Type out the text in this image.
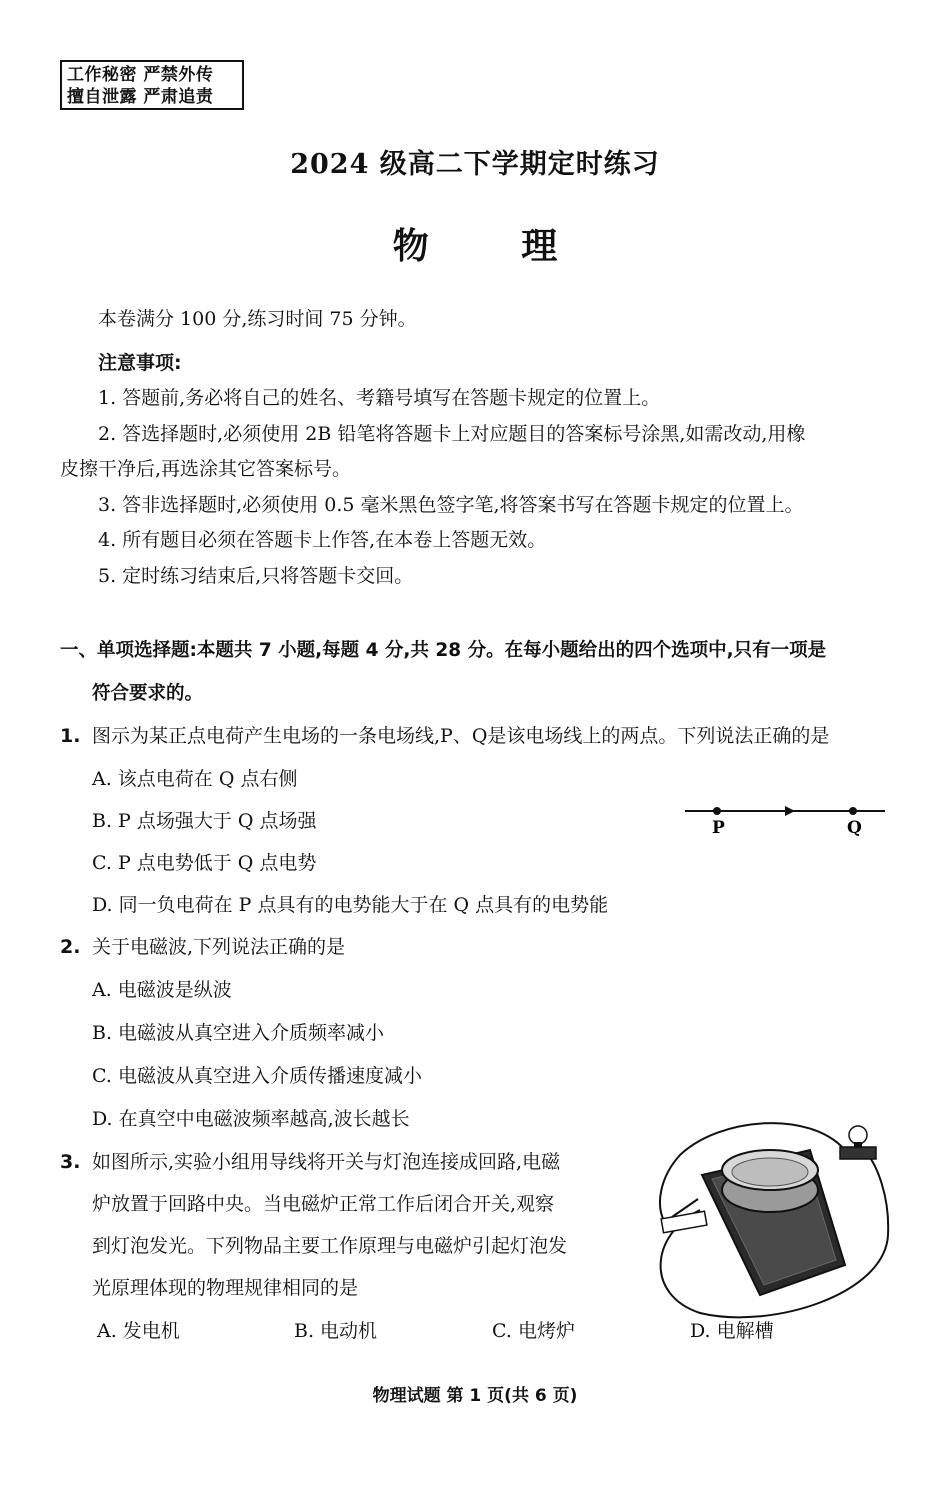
工作秘密 严禁外传
擅自泄露 严肃追责
2024 级高二下学期定时练习
物 理
本卷满分 100 分,练习时间 75 分钟。
注意事项:
1. 答题前,务必将自己的姓名、考籍号填写在答题卡规定的位置上。
2. 答选择题时,必须使用 2B 铅笔将答题卡上对应题目的答案标号涂黑,如需改动,用橡
皮擦干净后,再选涂其它答案标号。
3. 答非选择题时,必须使用 0.5 毫米黑色签字笔,将答案书写在答题卡规定的位置上。
4. 所有题目必须在答题卡上作答,在本卷上答题无效。
5. 定时练习结束后,只将答题卡交回。
一、单项选择题:本题共 7 小题,每题 4 分,共 28 分。在每小题给出的四个选项中,只有一项是
符合要求的。
1. 图示为某正点电荷产生电场的一条电场线,P、Q是该电场线上的两点。下列说法正确的是
A. 该点电荷在 Q 点右侧
B. P 点场强大于 Q 点场强
C. P 点电势低于 Q 点电势
D. 同一负电荷在 P 点具有的电势能大于在 Q 点具有的电势能
P	Q
2. 关于电磁波,下列说法正确的是
A. 电磁波是纵波
B. 电磁波从真空进入介质频率减小
C. 电磁波从真空进入介质传播速度减小
D. 在真空中电磁波频率越高,波长越长
3. 如图所示,实验小组用导线将开关与灯泡连接成回路,电磁
炉放置于回路中央。当电磁炉正常工作后闭合开关,观察
到灯泡发光。下列物品主要工作原理与电磁炉引起灯泡发
光原理体现的物理规律相同的是
A. 发电机	B. 电动机	C. 电烤炉	D. 电解槽
物理试题 第 1 页(共 6 页)
